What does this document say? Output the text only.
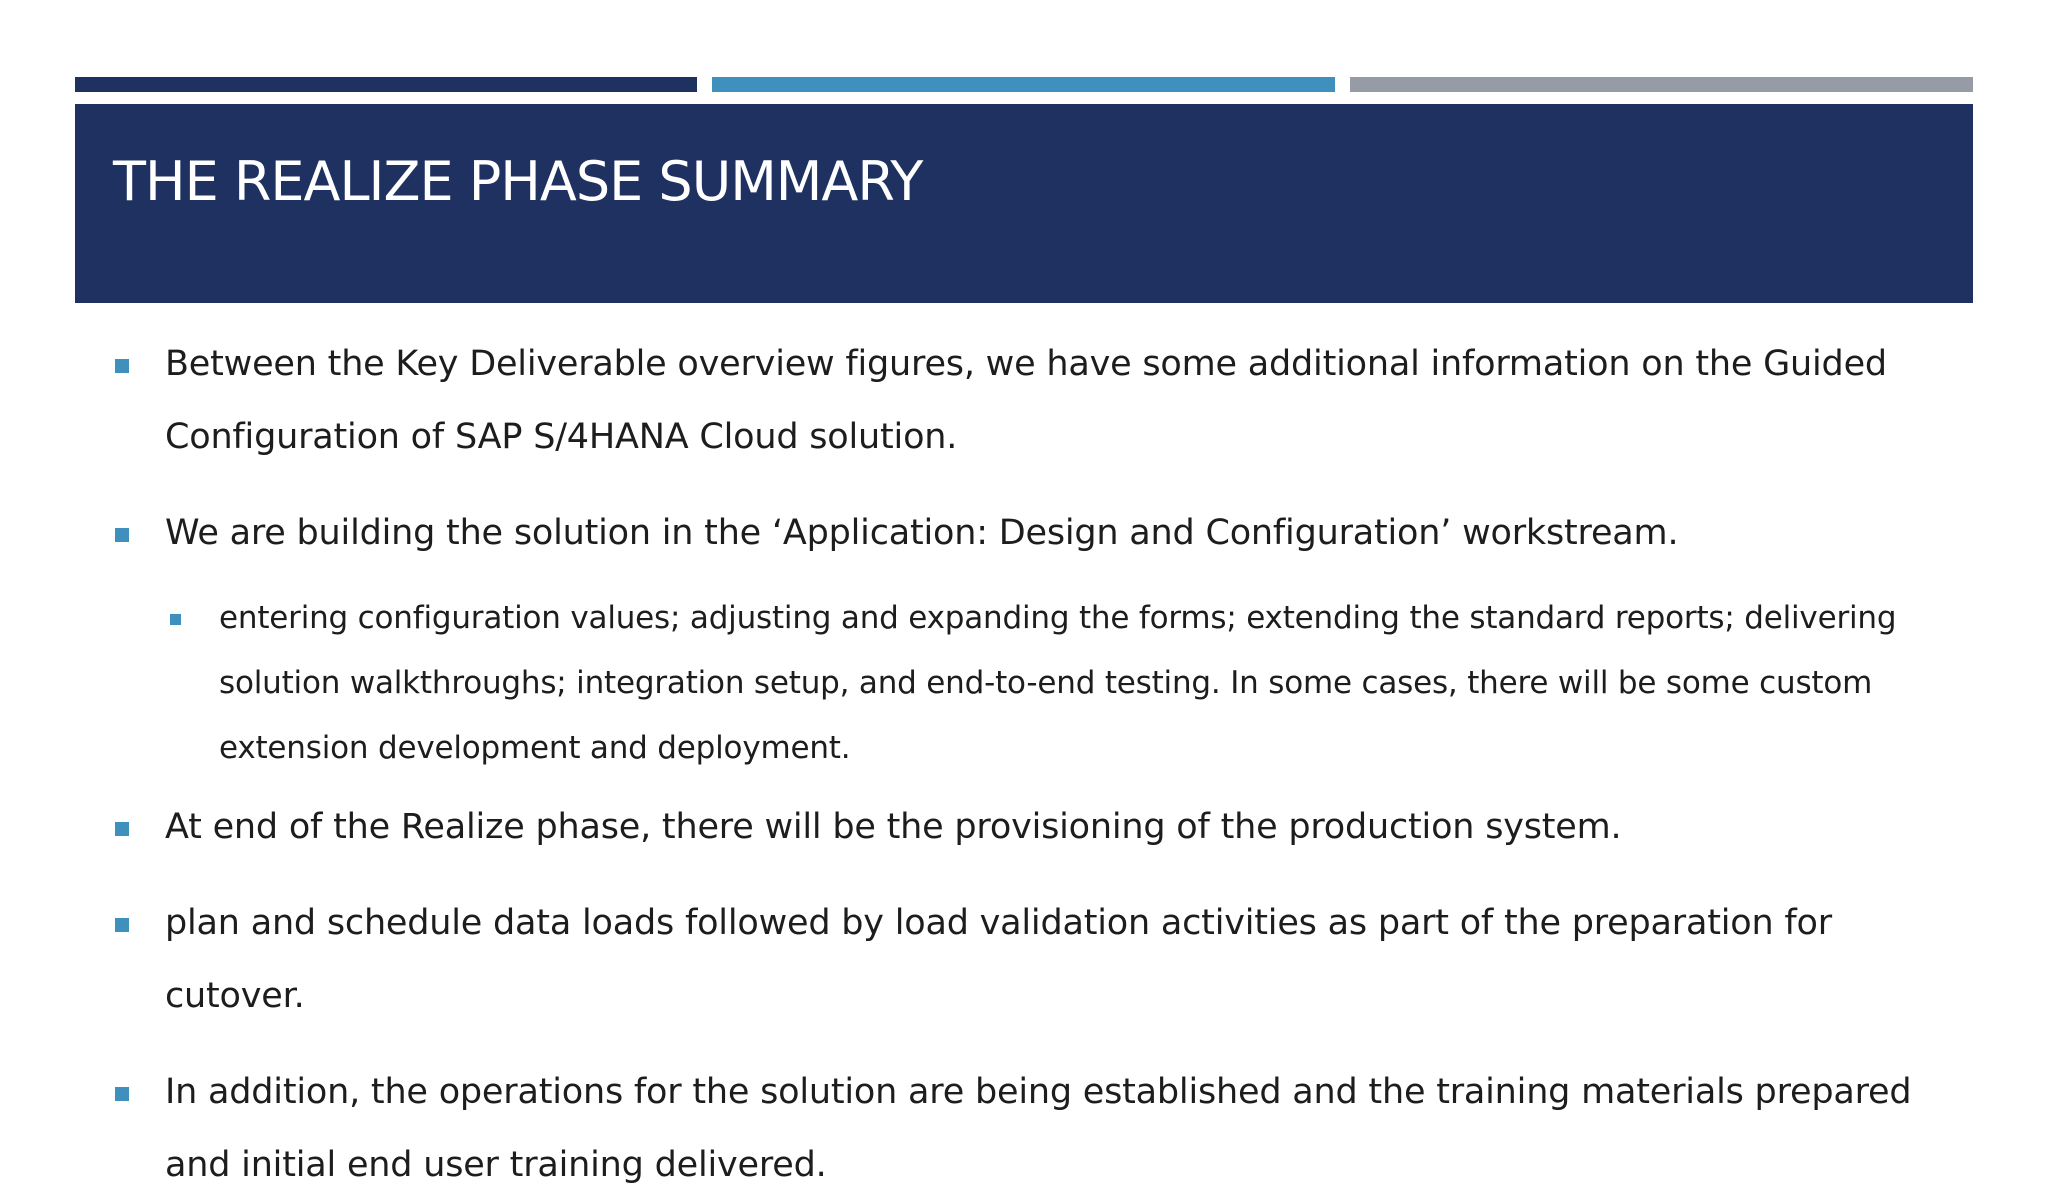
THE REALIZE PHASE SUMMARY
Between the Key Deliverable overview figures, we have some additional information on the Guided Configuration of SAP S/4HANA Cloud solution.
We are building the solution in the ‘Application: Design and Configuration’ workstream.
entering configuration values; adjusting and expanding the forms; extending the standard reports; delivering solution walkthroughs; integration setup, and end-to-end testing. In some cases, there will be some custom extension development and deployment.
At end of the Realize phase, there will be the provisioning of the production system.
plan and schedule data loads followed by load validation activities as part of the preparation for cutover.
In addition, the operations for the solution are being established and the training materials prepared and initial end user training delivered.
